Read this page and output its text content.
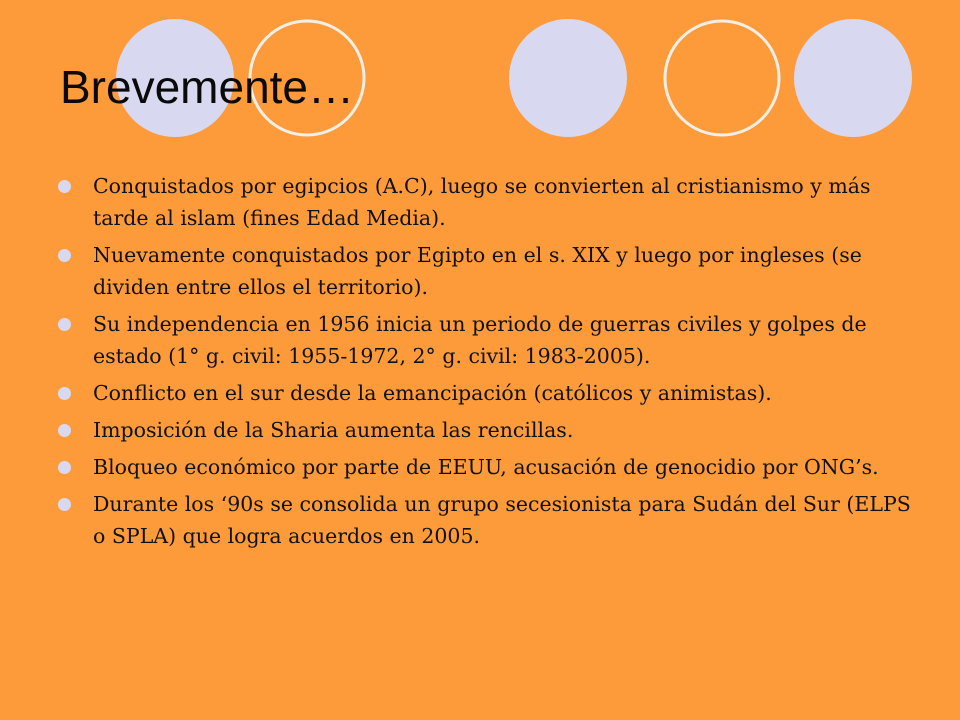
Brevemente…
Conquistados por egipcios (A.C), luego se convierten al cristianismo y más tarde al islam (fines Edad Media).
Nuevamente conquistados por Egipto en el s. XIX y luego por ingleses (se dividen entre ellos el territorio).
Su independencia en 1956 inicia un periodo de guerras civiles y golpes de estado (1° g. civil: 1955-1972, 2° g. civil: 1983-2005).
Conflicto en el sur desde la emancipación (católicos y animistas).
Imposición de la Sharia aumenta las rencillas.
Bloqueo económico por parte de EEUU, acusación de genocidio por ONG’s.
Durante los ‘90s se consolida un grupo secesionista para Sudán del Sur (ELPS o SPLA) que logra acuerdos en 2005.
